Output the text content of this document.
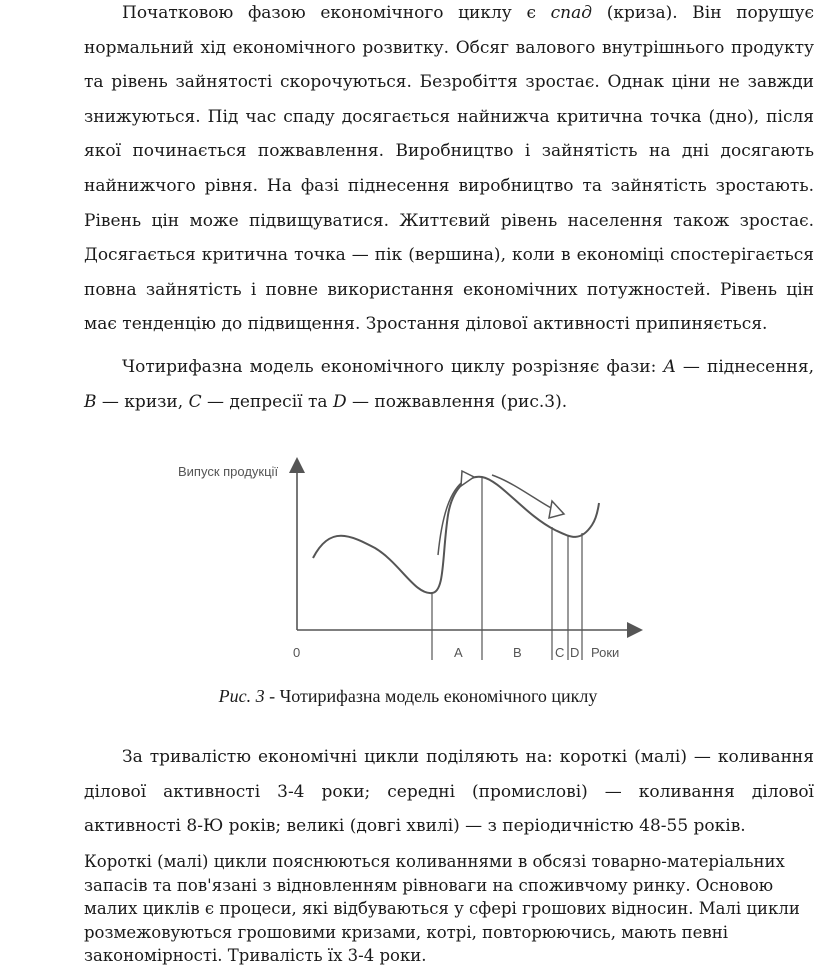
Початковою фазою економічного циклу є спад (криза). Він порушує нормальний хід економічного розвитку. Обсяг валового внутрішнього продукту та рівень зайнятості скорочуються. Безробіття зростає. Однак ціни не завжди знижуються. Під час спаду досягається найнижча критична точка (дно), після якої починається пожвавлення. Виробництво і зайнятість на дні досягають найнижчого рівня. На фазі піднесення виробництво та зайнятість зростають. Рівень цін може підвищуватися. Життєвий рівень населення також зростає. Досягається критична точка — пік (вершина), коли в економіці спостерігається повна зайнятість і повне використання економічних потужностей. Рівень цін має тенденцію до підвищення. Зростання ділової активності припиняється.

Чотирифазна модель економічного циклу розрізняє фази: A — піднесення, B — кризи, C — депресії та D — пожвавлення (рис.3).

Випуск продукції
0	A	B	C D Роки

Рис. 3 - Чотирифазна модель економічного циклу

За тривалістю економічні цикли поділяють на: короткі (малі) — коливання ділової активності 3-4 роки; середні (промислові) — коливання ділової активності 8-Ю років; великі (довгі хвилі) — з періодичністю 48-55 років.

Короткі (малі) цикли пояснюються коливаннями в обсязі товарно-матеріальних запасів та пов'язані з відновленням рівноваги на споживчому ринку. Основою малих циклів є процеси, які відбуваються у сфері грошових відносин. Малі цикли розмежовуються грошовими кризами, котрі, повторюючись, мають певні закономірності. Тривалість їх 3-4 роки.
